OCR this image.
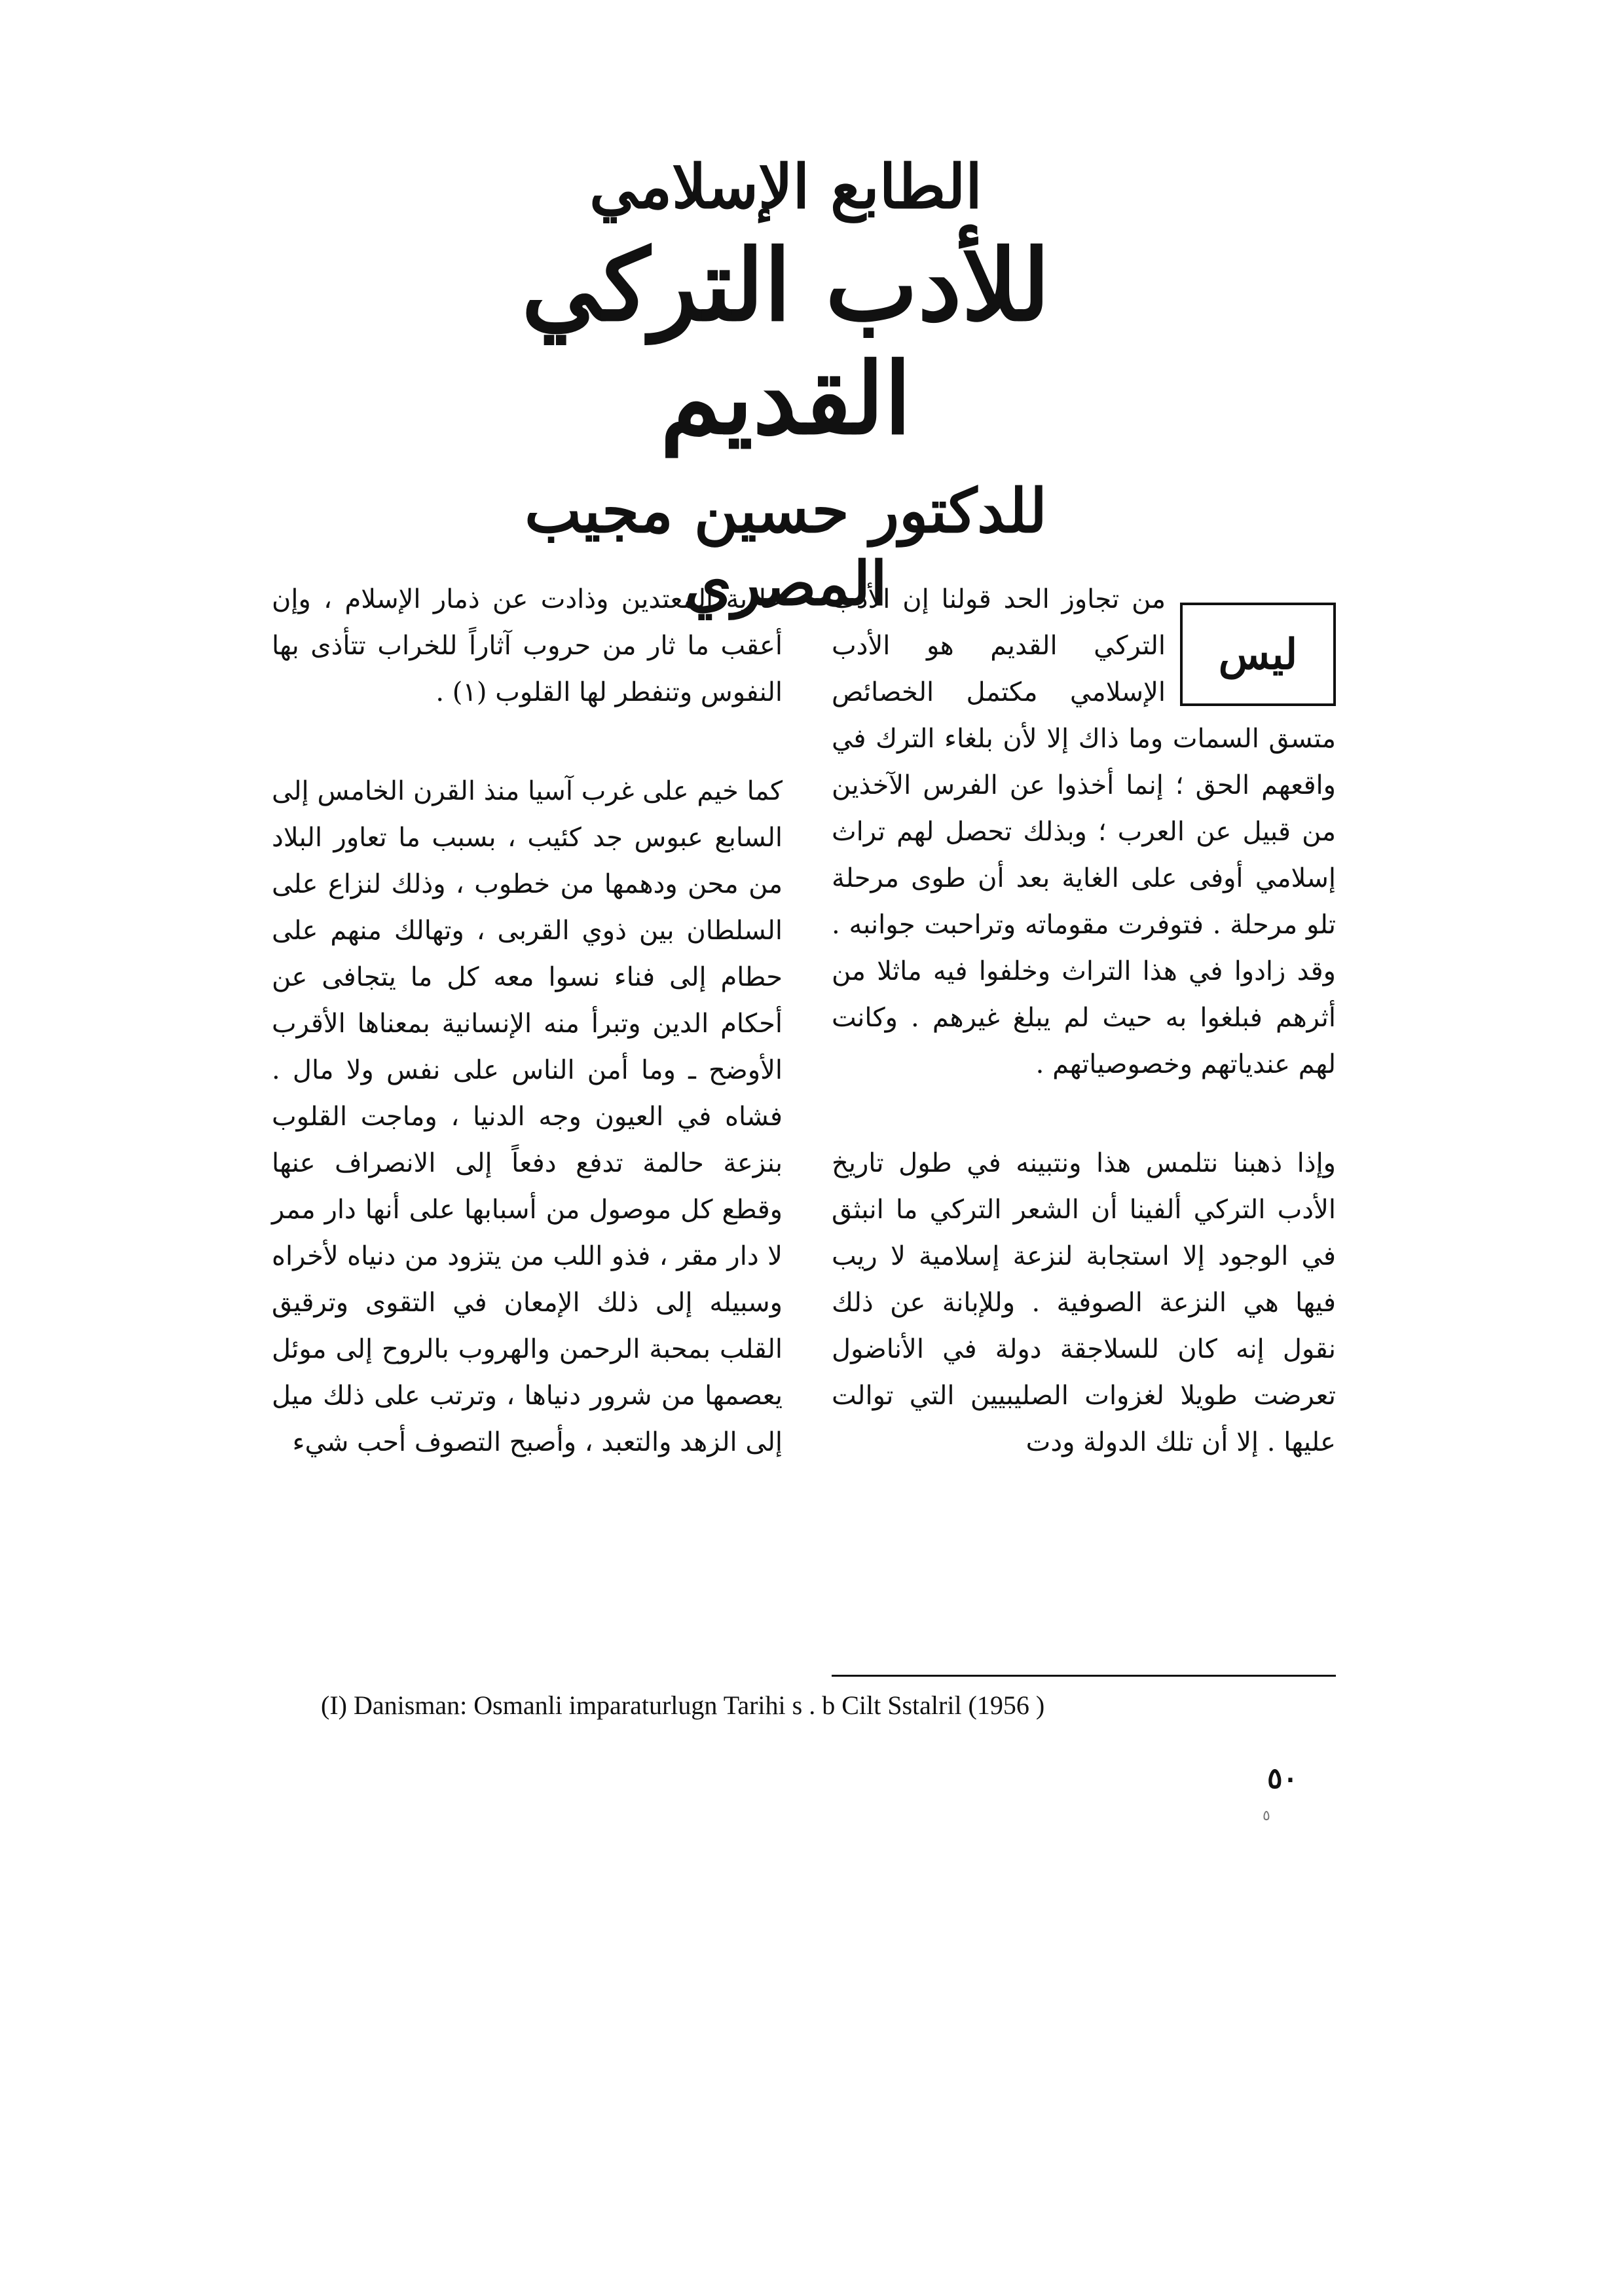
الطابع الإسلامي
للأدب التركي القديم
للدكتور حسين مجيب المصري
ليس

من تجاوز الحد قولنا إن الأدب التركي القديم هو الأدب الإسلامي مكتمل الخصائص متسق السمات وما ذاك إلا لأن بلغاء الترك في واقعهم الحق ؛ إنما أخذوا عن الفرس الآخذين من قبيل عن العرب ؛ وبذلك تحصل لهم تراث إسلامي أوفى على الغاية بعد أن طوى مرحلة تلو مرحلة . فتوفرت مقوماته وتراحبت جوانبه . وقد زادوا في هذا التراث وخلفوا فيه ماثلا من أثرهم فبلغوا به حيث لم يبلغ غيرهم . وكانت لهم عندياتهم وخصوصياتهم .

وإذا ذهبنا نتلمس هذا ونتبينه في طول تاريخ الأدب التركي ألفينا أن الشعر التركي ما انبثق في الوجود إلا استجابة لنزعة إسلامية لا ريب فيها هي النزعة الصوفية . وللإبانة عن ذلك نقول إنه كان للسلاجقة دولة في الأناضول تعرضت طويلا لغزوات الصليبيين التي توالت عليها . إلا أن تلك الدولة ودت

عادية المعتدين وذادت عن ذمار الإسلام ، وإن أعقب ما ثار من حروب آثاراً للخراب تتأذى بها النفوس وتنفطر لها القلوب (١) .

كما خيم على غرب آسيا منذ القرن الخامس إلى السابع عبوس جد كئيب ، بسبب ما تعاور البلاد من محن ودهمها من خطوب ، وذلك لنزاع على السلطان بين ذوي القربى ، وتهالك منهم على حطام إلى فناء نسوا معه كل ما يتجافى عن أحكام الدين وتبرأ منه الإنسانية بمعناها الأقرب الأوضح ـ وما أمن الناس على نفس ولا مال . فشاه في العيون وجه الدنيا ، وماجت القلوب بنزعة حالمة تدفع دفعاً إلى الانصراف عنها وقطع كل موصول من أسبابها على أنها دار ممر لا دار مقر ، فذو اللب من يتزود من دنياه لأخراه وسبيله إلى ذلك الإمعان في التقوى وترقيق القلب بمحبة الرحمن والهروب بالروح إلى موئل يعصمها من شرور دنياها ، وترتب على ذلك ميل إلى الزهد والتعبد ، وأصبح التصوف أحب شيء

(I) Danisman: Osmanli imparaturlugn Tarihi s . b Cilt Sstalril (1956 )
٥٠
٥
